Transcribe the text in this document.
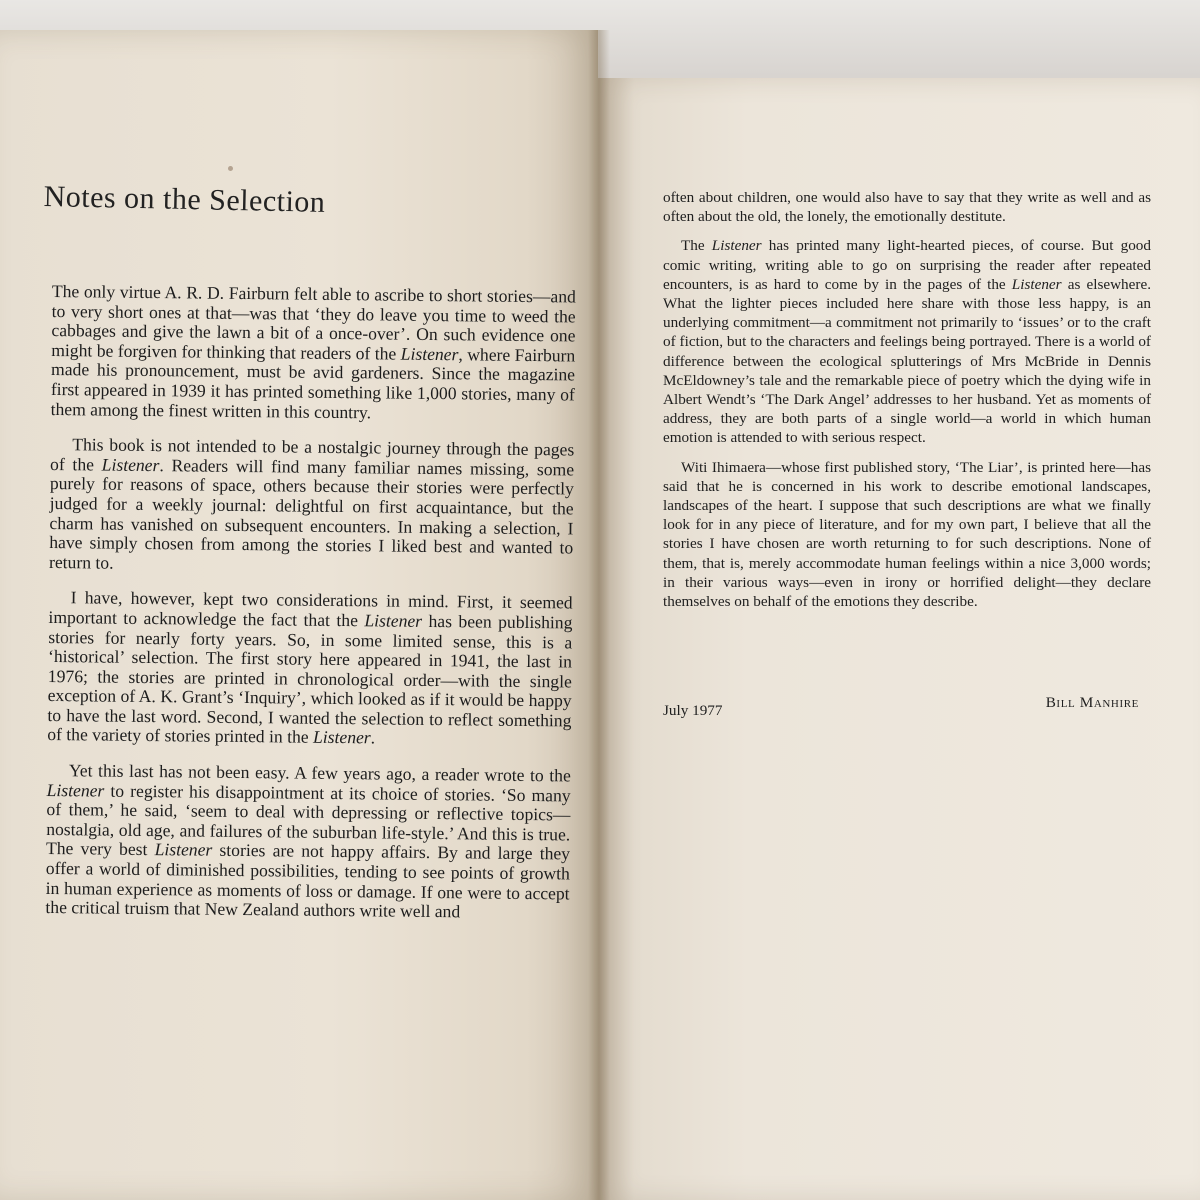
Notes on the Selection

The only virtue A. R. D. Fairburn felt able to ascribe to short stories—and to very short ones at that—was that ‘they do leave you time to weed the cabbages and give the lawn a bit of a once-over’. On such evidence one might be forgiven for thinking that readers of the Listener, where Fairburn made his pronouncement, must be avid gardeners. Since the magazine first appeared in 1939 it has printed something like 1,000 stories, many of them among the finest written in this country.

This book is not intended to be a nostalgic journey through the pages of the Listener. Readers will find many familiar names missing, some purely for reasons of space, others because their stories were perfectly judged for a weekly journal: delightful on first acquaintance, but the charm has vanished on subsequent encounters. In making a selection, I have simply chosen from among the stories I liked best and wanted to return to.

I have, however, kept two considerations in mind. First, it seemed important to acknowledge the fact that the Listener has been publishing stories for nearly forty years. So, in some limited sense, this is a ‘historical’ selection. The first story here appeared in 1941, the last in 1976; the stories are printed in chronological order—with the single exception of A. K. Grant’s ‘Inquiry’, which looked as if it would be happy to have the last word. Second, I wanted the selection to reflect something of the variety of stories printed in the Listener.

Yet this last has not been easy. A few years ago, a reader wrote to the Listener to register his disappointment at its choice of stories. ‘So many of them,’ he said, ‘seem to deal with depressing or reflective topics—nostalgia, old age, and failures of the suburban life-style.’ And this is true. The very best Listener stories are not happy affairs. By and large they offer a world of diminished possibilities, tending to see points of growth in human experience as moments of loss or damage. If one were to accept the critical truism that New Zealand authors write well and

often about children, one would also have to say that they write as well and as often about the old, the lonely, the emotionally destitute.

The Listener has printed many light-hearted pieces, of course. But good comic writing, writing able to go on surprising the reader after repeated encounters, is as hard to come by in the pages of the Listener as elsewhere. What the lighter pieces included here share with those less happy, is an underlying commitment—a commitment not primarily to ‘issues’ or to the craft of fiction, but to the characters and feelings being portrayed. There is a world of difference between the ecological splutterings of Mrs McBride in Dennis McEldowney’s tale and the remarkable piece of poetry which the dying wife in Albert Wendt’s ‘The Dark Angel’ addresses to her husband. Yet as moments of address, they are both parts of a single world—a world in which human emotion is attended to with serious respect.

Witi Ihimaera—whose first published story, ‘The Liar’, is printed here—has said that he is concerned in his work to describe emotional landscapes, landscapes of the heart. I suppose that such descriptions are what we finally look for in any piece of literature, and for my own part, I believe that all the stories I have chosen are worth returning to for such descriptions. None of them, that is, merely accommodate human feelings within a nice 3,000 words; in their various ways—even in irony or horrified delight—they declare themselves on behalf of the emotions they describe.

July 1977	Bill Manhire
